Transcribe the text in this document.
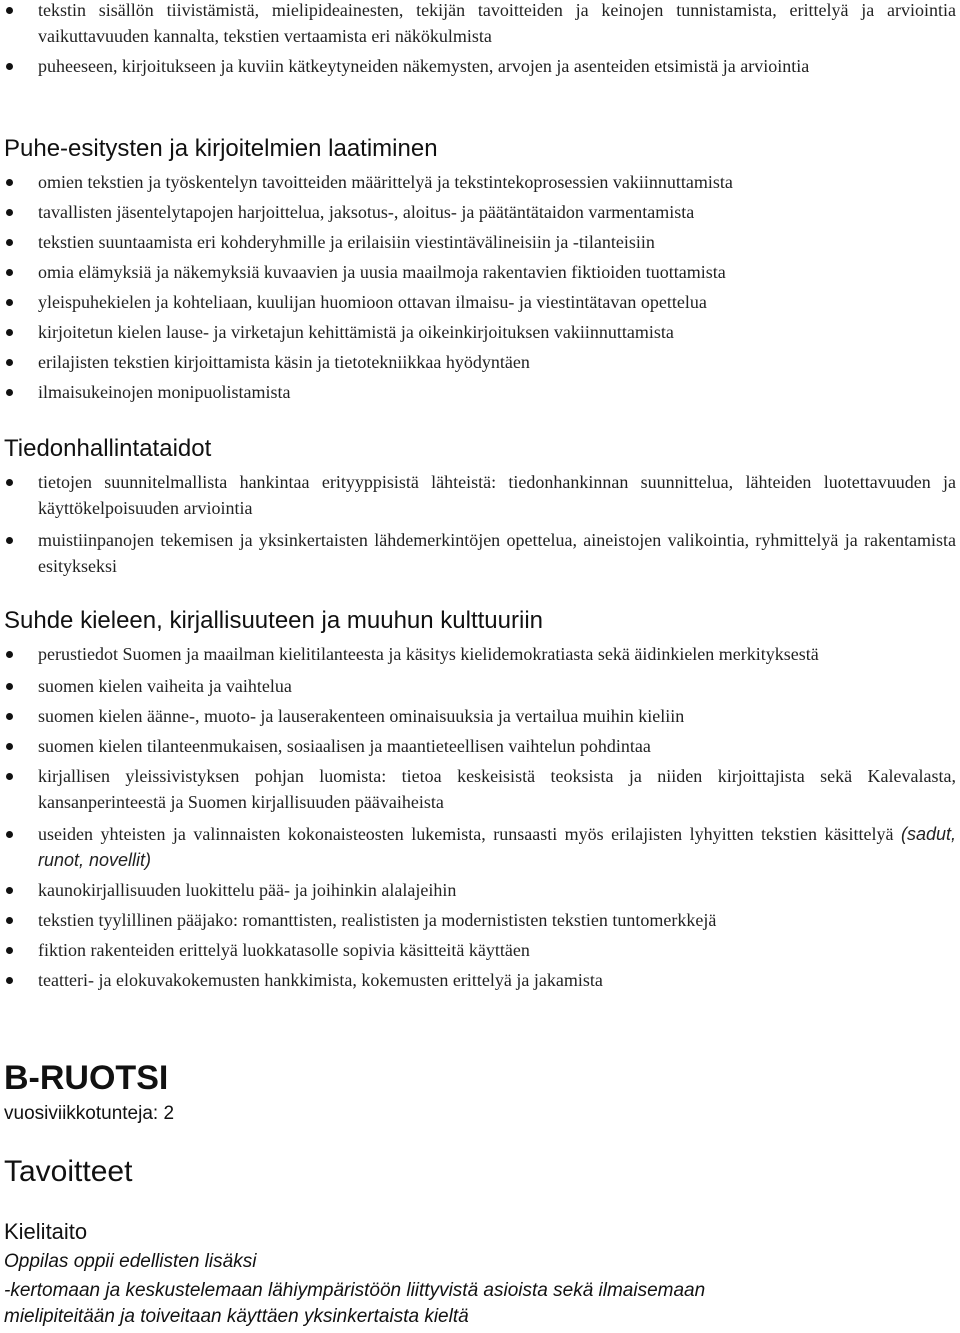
tekstin sisällön tiivistämistä, mielipideainesten, tekijän tavoitteiden ja keinojen tunnistamista, erittelyä ja arviointia vaikuttavuuden kannalta, tekstien vertaamista eri näkökulmista
puheeseen, kirjoitukseen ja kuviin kätkeytyneiden näkemysten, arvojen ja asenteiden etsimistä ja arviointia
Puhe-esitysten ja kirjoitelmien laatiminen
omien tekstien ja työskentelyn tavoitteiden määrittelyä ja tekstintekoprosessien vakiinnuttamista
tavallisten jäsentelytapojen harjoittelua, jaksotus-, aloitus- ja päätäntätaidon varmentamista
tekstien suuntaamista eri kohderyhmille ja erilaisiin viestintävälineisiin ja -tilanteisiin
omia elämyksiä ja näkemyksiä kuvaavien ja uusia maailmoja rakentavien fiktioiden tuottamista
yleispuhekielen ja kohteliaan, kuulijan huomioon ottavan ilmaisu- ja viestintätavan opettelua
kirjoitetun kielen lause- ja virketajun kehittämistä ja oikeinkirjoituksen vakiinnuttamista
erilajisten tekstien kirjoittamista käsin ja tietotekniikkaa hyödyntäen
ilmaisukeinojen monipuolistamista
Tiedonhallintataidot
tietojen suunnitelmallista hankintaa erityyppisistä lähteistä: tiedonhankinnan suunnittelua, lähteiden luotettavuuden ja käyttökelpoisuuden arviointia
muistiinpanojen tekemisen ja yksinkertaisten lähdemerkintöjen opettelua, aineistojen valikointia, ryhmittelyä ja rakentamista esitykseksi
Suhde kieleen, kirjallisuuteen ja muuhun kulttuuriin
perustiedot Suomen ja maailman kielitilanteesta ja käsitys kielidemokratiasta sekä äidinkielen merkityksestä
suomen kielen vaiheita ja vaihtelua
suomen kielen äänne-, muoto- ja lauserakenteen ominaisuuksia ja vertailua muihin kieliin
suomen kielen tilanteenmukaisen, sosiaalisen ja maantieteellisen vaihtelun pohdintaa
kirjallisen yleissivistyksen pohjan luomista: tietoa keskeisistä teoksista ja niiden kirjoittajista sekä Kalevalasta, kansanperinteestä ja Suomen kirjallisuuden päävaiheista
useiden yhteisten ja valinnaisten kokonaisteosten lukemista, runsaasti myös erilajisten lyhyitten tekstien käsittelyä (sadut, runot, novellit)
kaunokirjallisuuden luokittelu pää- ja joihinkin alalajeihin
tekstien tyylillinen pääjako: romanttisten, realististen ja modernististen tekstien tuntomerkkejä
fiktion rakenteiden erittelyä luokkatasolle sopivia käsitteitä käyttäen
teatteri- ja elokuvakokemusten hankkimista, kokemusten erittelyä ja jakamista
B-RUOTSI
vuosiviikkotunteja: 2
Tavoitteet
Kielitaito
Oppilas oppii edellisten lisäksi
-kertomaan ja keskustelemaan lähiympäristöön liittyvistä asioista sekä ilmaisemaan
mielipiteitään ja toiveitaan käyttäen yksinkertaista kieltä
